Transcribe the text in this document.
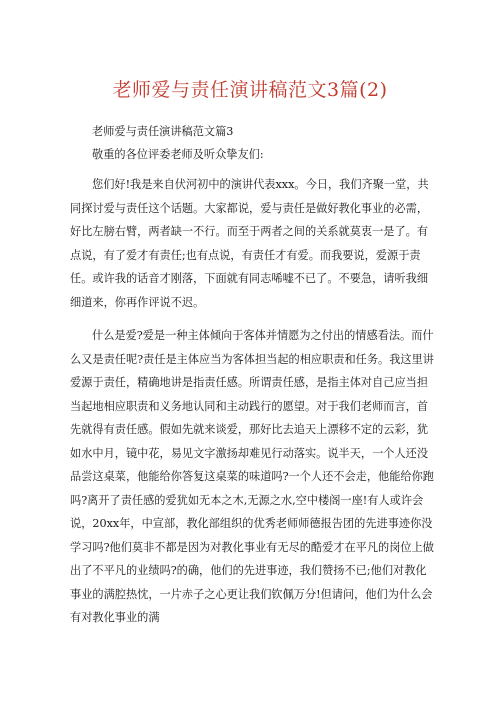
老师爱与责任演讲稿范文3篇(2)

老师爱与责任演讲稿范文篇3

敬重的各位评委老师及听众挚友们:

您们好!我是来自伏河初中的演讲代表xxx。今日，我们齐聚一堂，共同探讨爱与责任这个话题。大家都说，爱与责任是做好教化事业的必需，好比左膀右臂，两者缺一不行。而至于两者之间的关系就莫衷一是了。有点说，有了爱才有责任;也有点说，有责任才有爱。而我要说，爱源于责任。或许我的话音才刚落，下面就有同志唏嘘不已了。不要急，请听我细细道来，你再作评说不迟。

什么是爱?爱是一种主体倾向于客体并情愿为之付出的情感看法。而什么又是责任呢?责任是主体应当为客体担当起的相应职责和任务。我这里讲爱源于责任，精确地讲是指责任感。所谓责任感，是指主体对自己应当担当起地相应职责和义务地认同和主动践行的愿望。对于我们老师而言，首先就得有责任感。假如先就来谈爱，那好比去追天上漂移不定的云彩，犹如水中月，镜中花，易见文字激扬却难见行动落实。说半天，一个人还没品尝这桌菜，他能给你答复这桌菜的味道吗?一个人还不会走，他能给你跑吗?离开了责任感的爱犹如无本之木,无源之水,空中楼阁一座!有人或许会说，20xx年，中宣部，教化部组织的优秀老师师德报告团的先进事迹你没学习吗?他们莫非不都是因为对教化事业有无尽的酷爱才在平凡的岗位上做出了不平凡的业绩吗?的确，他们的先进事迹，我们赞扬不已;他们对教化事业的满腔热忱，一片赤子之心更让我们钦佩万分!但请问，他们为什么会有对教化事业的满
